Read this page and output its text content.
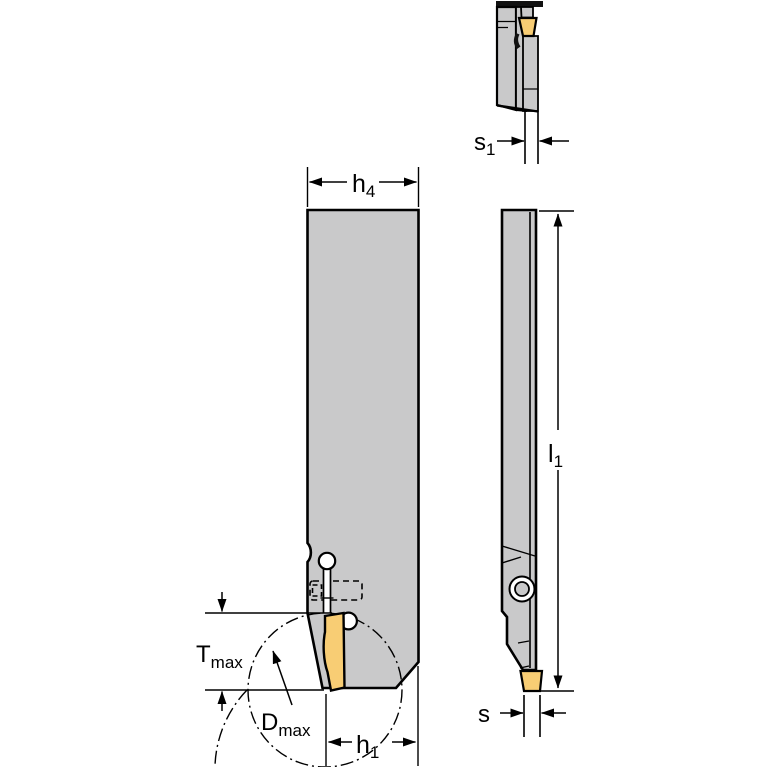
$s_1$
$h_4$
$T_{max}$
$D_{max}$
$h_1$
$l_1$
s
